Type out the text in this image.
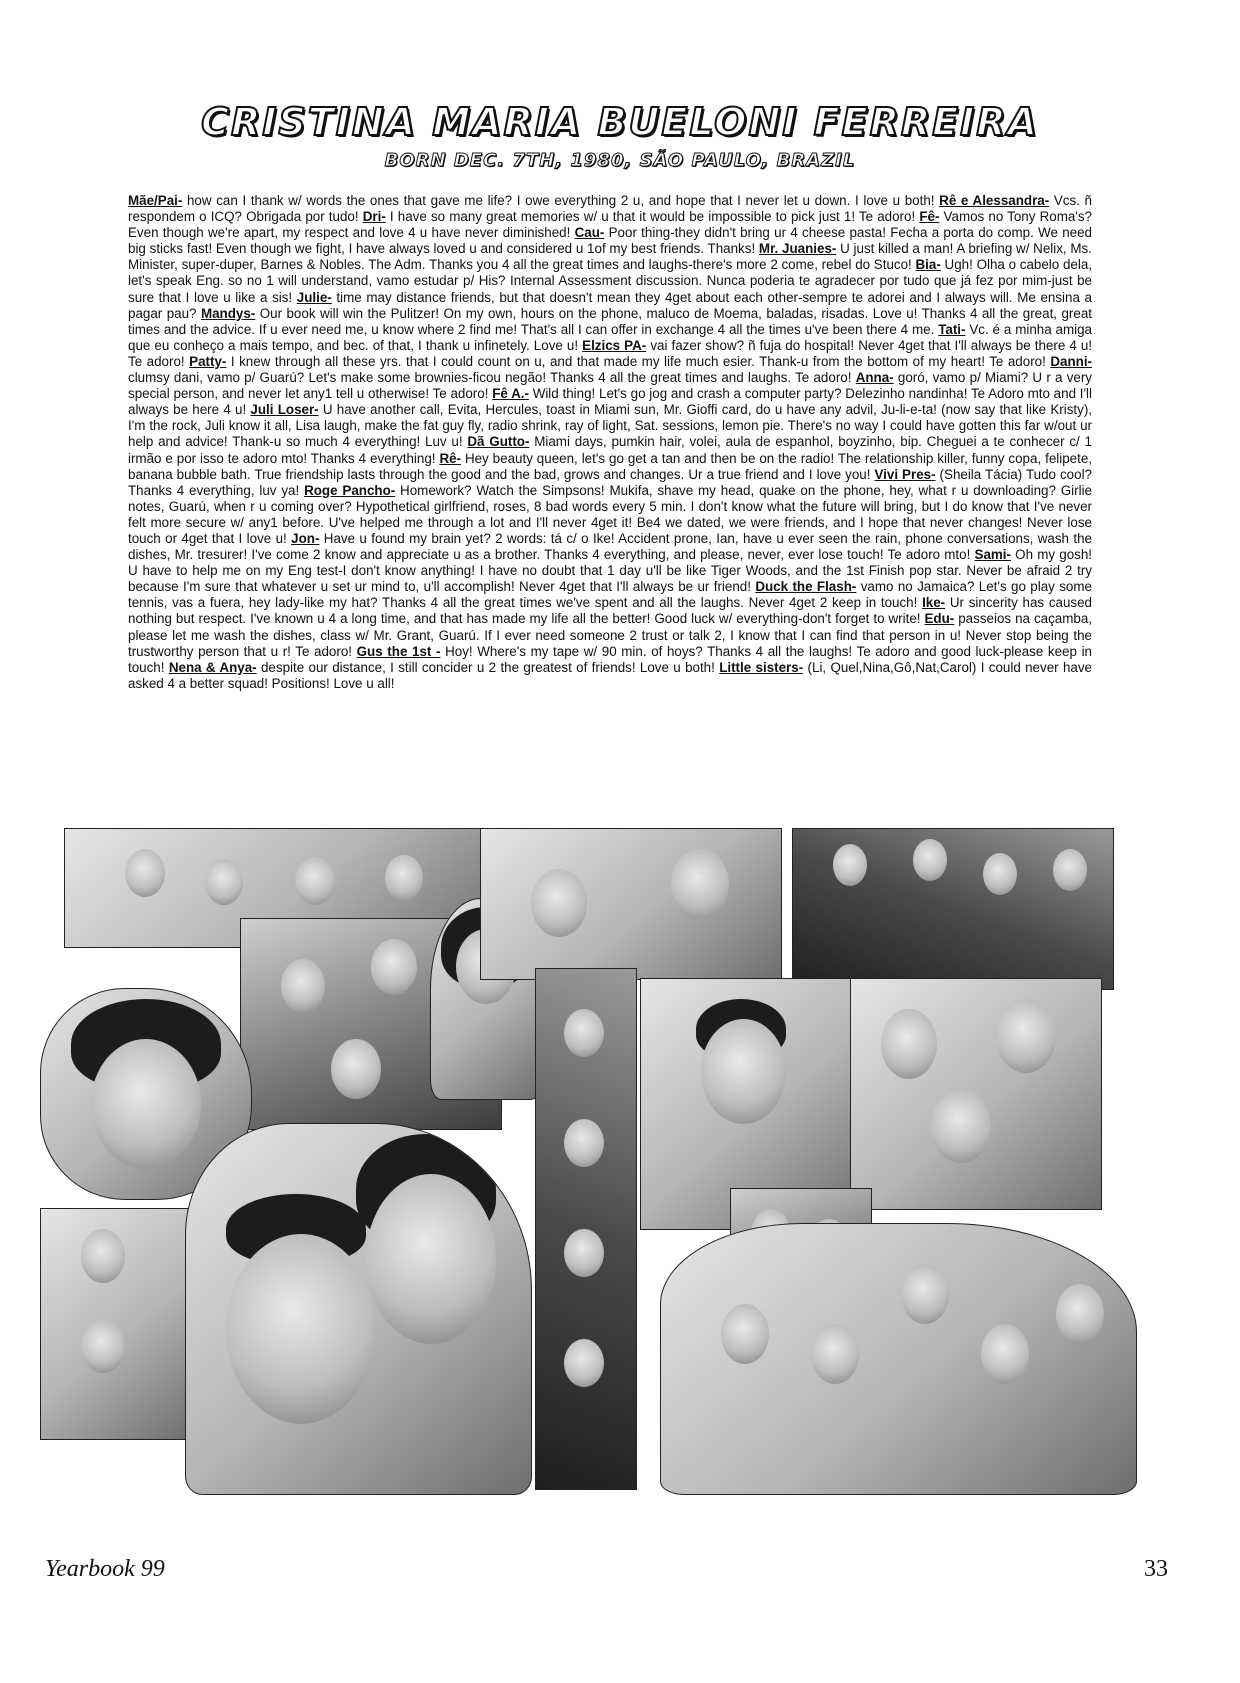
CRISTINA MARIA BUELONI FERREIRA
BORN DEC. 7TH, 1980, SÃO PAULO, BRAZIL
Mãe/Pai- how can I thank w/ words the ones that gave me life? I owe everything 2 u, and hope that I never let u down. I love u both! Rê e Alessandra- Vcs. ñ respondem o ICQ? Obrigada por tudo! Dri- I have so many great memories w/ u that it would be impossible to pick just 1! Te adoro! Fê- Vamos no Tony Roma's? Even though we're apart, my respect and love 4 u have never diminished! Cau- Poor thing-they didn't bring ur 4 cheese pasta! Fecha a porta do comp. We need big sticks fast! Even though we fight, I have always loved u and considered u 1of my best friends. Thanks! Mr. Juanies- U just killed a man! A briefing w/ Nelix, Ms. Minister, super-duper, Barnes & Nobles. The Adm. Thanks you 4 all the great times and laughs-there's more 2 come, rebel do Stuco! Bia- Ugh! Olha o cabelo dela, let's speak Eng. so no 1 will understand, vamo estudar p/ His? Internal Assessment discussion. Nunca poderia te agradecer por tudo que já fez por mim-just be sure that I love u like a sis! Julie- time may distance friends, but that doesn't mean they 4get about each other-sempre te adorei and I always will. Me ensina a pagar pau? Mandys- Our book will win the Pulitzer! On my own, hours on the phone, maluco de Moema, baladas, risadas. Love u! Thanks 4 all the great, great times and the advice. If u ever need me, u know where 2 find me! That's all I can offer in exchange 4 all the times u've been there 4 me. Tati- Vc. é a minha amiga que eu conheço a mais tempo, and bec. of that, I thank u infinetely. Love u! Elzics PA- vai fazer show? ñ fuja do hospital! Never 4get that I'll always be there 4 u! Te adoro! Patty- I knew through all these yrs. that I could count on u, and that made my life much esier. Thank-u from the bottom of my heart! Te adoro! Danni- clumsy dani, vamo p/ Guarú? Let's make some brownies-ficou negão! Thanks 4 all the great times and laughs. Te adoro! Anna- goró, vamo p/ Miami? U r a very special person, and never let any1 tell u otherwise! Te adoro! Fê A.- Wild thing! Let's go jog and crash a computer party? Delezinho nandinha! Te Adoro mto and I'll always be here 4 u! Juli Loser- U have another call, Evita, Hercules, toast in Miami sun, Mr. Gioffi card, do u have any advil, Ju-li-e-ta! (now say that like Kristy), I'm the rock, Juli know it all, Lisa laugh, make the fat guy fly, radio shrink, ray of light, Sat. sessions, lemon pie. There's no way I could have gotten this far w/out ur help and advice! Thank-u so much 4 everything! Luv u! Dã Gutto- Miami days, pumkin hair, volei, aula de espanhol, boyzinho, bip. Cheguei a te conhecer c/ 1 irmão e por isso te adoro mto! Thanks 4 everything! Rê- Hey beauty queen, let's go get a tan and then be on the radio! The relationship killer, funny copa, felipete, banana bubble bath. True friendship lasts through the good and the bad, grows and changes. Ur a true friend and I love you! Vivi Pres- (Sheila Tácia) Tudo cool? Thanks 4 everything, luv ya! Roge Pancho- Homework? Watch the Simpsons! Mukifa, shave my head, quake on the phone, hey, what r u downloading? Girlie notes, Guarú, when r u coming over? Hypothetical girlfriend, roses, 8 bad words every 5 min. I don't know what the future will bring, but I do know that I've never felt more secure w/ any1 before. U've helped me through a lot and I'll never 4get it! Be4 we dated, we were friends, and I hope that never changes! Never lose touch or 4get that I love u! Jon- Have u found my brain yet? 2 words: tá c/ o Ike! Accident prone, Ian, have u ever seen the rain, phone conversations, wash the dishes, Mr. tresurer! I've come 2 know and appreciate u as a brother. Thanks 4 everything, and please, never, ever lose touch! Te adoro mto! Sami- Oh my gosh! U have to help me on my Eng test-I don't know anything! I have no doubt that 1 day u'll be like Tiger Woods, and the 1st Finish pop star. Never be afraid 2 try because I'm sure that whatever u set ur mind to, u'll accomplish! Never 4get that I'll always be ur friend! Duck the Flash- vamo no Jamaica? Let's go play some tennis, vas a fuera, hey lady-like my hat? Thanks 4 all the great times we've spent and all the laughs. Never 4get 2 keep in touch! Ike- Ur sincerity has caused nothing but respect. I've known u 4 a long time, and that has made my life all the better! Good luck w/ everything-don't forget to write! Edu- passeios na caçamba, please let me wash the dishes, class w/ Mr. Grant, Guarú. If I ever need someone 2 trust or talk 2, I know that I can find that person in u! Never stop being the trustworthy person that u r! Te adoro! Gus the 1st - Hoy! Where's my tape w/ 90 min. of hoys? Thanks 4 all the laughs! Te adoro and good luck-please keep in touch! Nena & Anya- despite our distance, I still concider u 2 the greatest of friends! Love u both! Little sisters- (Li, Quel,Nina,Gô,Nat,Carol) I could never have asked 4 a better squad! Positions! Love u all!
Yearbook 99	33
